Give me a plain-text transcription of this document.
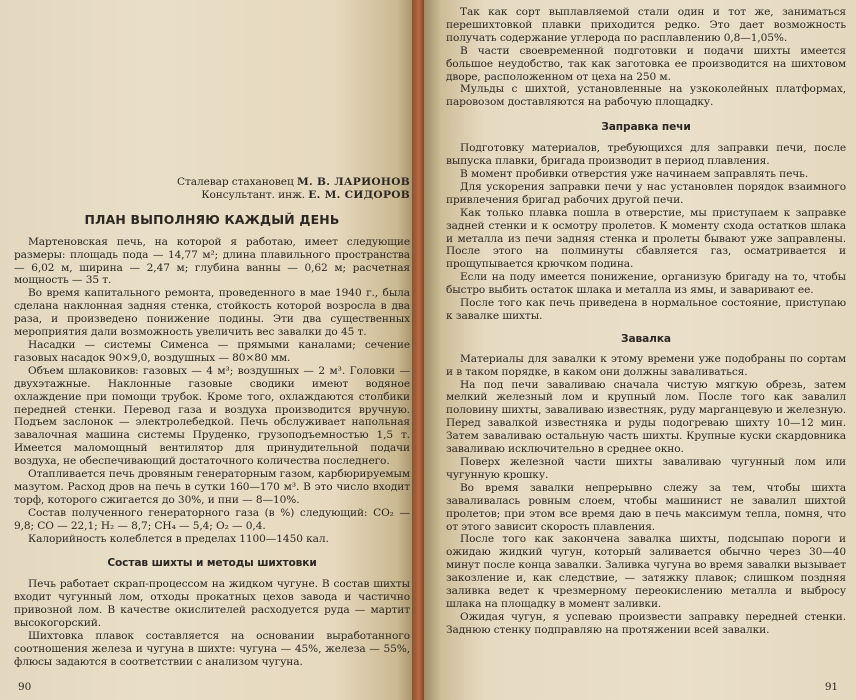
Сталевар стахановец М. В. ЛАРИОНОВ

Консультант. инж. Е. М. СИДОРОВ

ПЛАН ВЫПОЛНЯЮ КАЖДЫЙ ДЕНЬ

Мартеновская печь, на которой я работаю, имеет следующие размеры: площадь пода — 14,77 м²; длина плавильного пространства — 6,02 м, ширина — 2,47 м; глубина ванны — 0,62 м; расчетная мощность — 35 т.

Во время капитального ремонта, проведенного в мае 1940 г., была сделана наклонная задняя стенка, стойкость которой возросла в два раза, и произведено понижение подины. Эти два существенных мероприятия дали возможность увеличить вес завалки до 45 т.

Насадки — системы Сименса — прямыми каналами; сечение газовых насадок 90×9,0, воздушных — 80×80 мм.

Объем шлаковиков: газовых — 4 м³; воздушных — 2 м³. Головки — двухэтажные. Наклонные газовые сводики имеют водяное охлаждение при помощи трубок. Кроме того, охлаждаются столбики передней стенки. Перевод газа и воздуха производится вручную. Подъем заслонок — электролебедкой. Печь обслуживает напольная завалочная машина системы Пруденко, грузоподъемностью 1,5 т. Имеется маломощный вентилятор для принудительной подачи воздуха, не обеспечивающий достаточного количества последнего.

Отапливается печь дровяным генераторным газом, карбюрируемым мазутом. Расход дров на печь в сутки 160—170 м³. В это число входит торф, которого сжигается до 30%, и пни — 8—10%.

Состав полученного генераторного газа (в %) следующий: CO₂ — 9,8; CO — 22,1; H₂ — 8,7; CH₄ — 5,4; O₂ — 0,4.

Калорийность колеблется в пределах 1100—1450 кал.

Состав шихты и методы шихтовки

Печь работает скрап-процессом на жидком чугуне. В состав шихты входит чугунный лом, отходы прокатных цехов завода и частично привозной лом. В качестве окислителей расходуется руда — мартит высокогорский.

Шихтовка плавок составляется на основании выработанного соотношения железа и чугуна в шихте: чугуна — 45%, железа — 55%, флюсы задаются в соответствии с анализом чугуна.

90

Так как сорт выплавляемой стали один и тот же, заниматься перешихтовкой плавки приходится редко. Это дает возможность получать содержание углерода по расплавлению 0,8—1,05%.

В части своевременной подготовки и подачи шихты имеется большое неудобство, так как заготовка ее производится на шихтовом дворе, расположенном от цеха на 250 м.

Мульды с шихтой, установленные на узкоколейных платформах, паровозом доставляются на рабочую площадку.

Заправка печи

Подготовку материалов, требующихся для заправки печи, после выпуска плавки, бригада производит в период плавления.

В момент пробивки отверстия уже начинаем заправлять печь.

Для ускорения заправки печи у нас установлен порядок взаимного привлечения бригад рабочих другой печи.

Как только плавка пошла в отверстие, мы приступаем к заправке задней стенки и к осмотру пролетов. К моменту схода остатков шлака и металла из печи задняя стенка и пролеты бывают уже заправлены. После этого на полминуты сбавляется газ, осматривается и прощупывается крючком подина.

Если на поду имеется понижение, организую бригаду на то, чтобы быстро выбить остаток шлака и металла из ямы, и заваривают ее.

После того как печь приведена в нормальное состояние, приступаю к завалке шихты.

Завалка

Материалы для завалки к этому времени уже подобраны по сортам и в таком порядке, в каком они должны заваливаться.

На под печи заваливаю сначала чистую мягкую обрезь, затем мелкий железный лом и крупный лом. После того как завалил половину шихты, заваливаю известняк, руду марганцевую и железную. Перед завалкой известняка и руды подогреваю шихту 10—12 мин. Затем заваливаю остальную часть шихты. Крупные куски скардовника заваливаю исключительно в среднее окно.

Поверх железной части шихты заваливаю чугунный лом или чугунную крошку.

Во время завалки непрерывно слежу за тем, чтобы шихта заваливалась ровным слоем, чтобы машинист не завалил шихтой пролетов; при этом все время даю в печь максимум тепла, помня, что от этого зависит скорость плавления.

После того как закончена завалка шихты, подсыпаю пороги и ожидаю жидкий чугун, который заливается обычно через 30—40 минут после конца завалки. Заливка чугуна во время завалки вызывает закозление и, как следствие, — затяжку плавок; слишком поздняя заливка ведет к чрезмерному переокислению металла и выбросу шлака на площадку в момент заливки.

Ожидая чугун, я успеваю произвести заправку передней стенки. Заднюю стенку подправляю на протяжении всей завалки.

91
